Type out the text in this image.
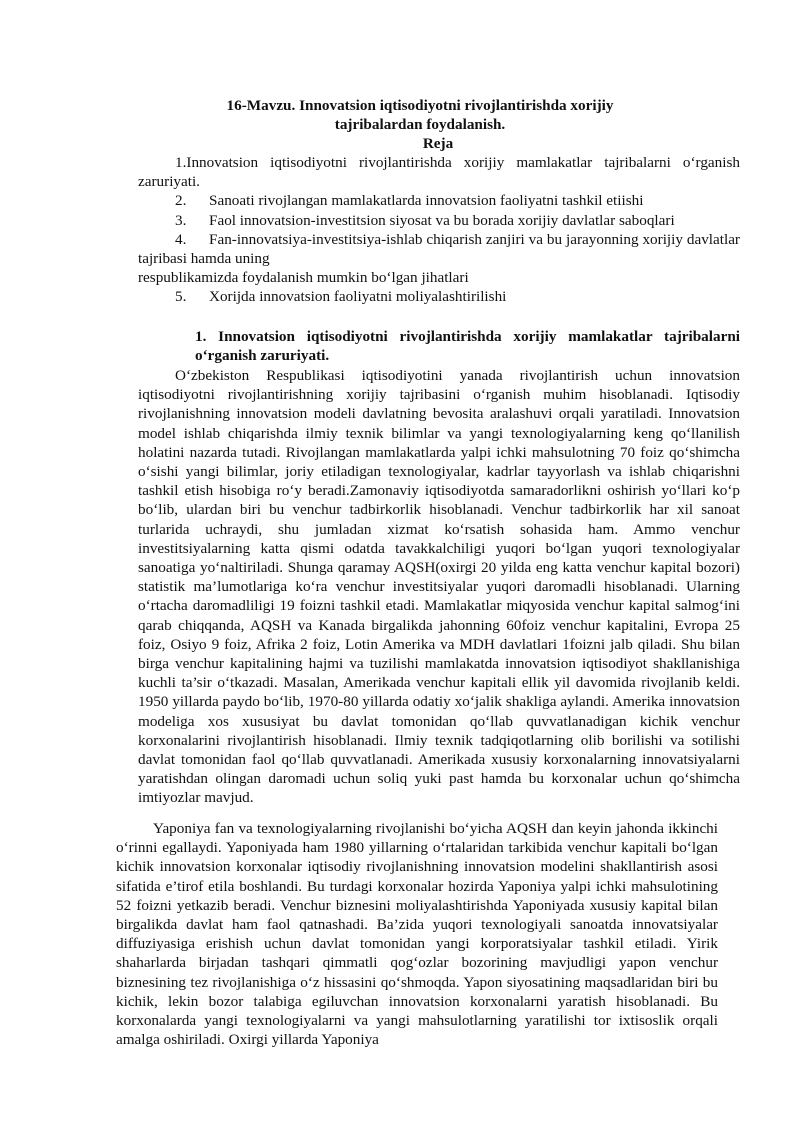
16-Mavzu. Innovatsion iqtisodiyotni rivojlantirishda xorijiy
tajribalardan foydalanish.
Reja

1.Innovatsion iqtisodiyotni rivojlantirishda xorijiy mamlakatlar tajribalarni o‘rganish zaruriyati.

2.	Sanoati rivojlangan mamlakatlarda innovatsion faoliyatni tashkil etiishi
3.	Faol innovatsion-investitsion siyosat va bu borada xorijiy davlatlar saboqlari

4. Fan-innovatsiya-investitsiya-ishlab chiqarish zanjiri va bu jarayonning xorijiy davlatlar tajribasi hamda uning

respublikamizda foydalanish mumkin bo‘lgan jihatlari

5.	Xorijda innovatsion faoliyatni moliyalashtirilishi
1. Innovatsion iqtisodiyotni rivojlantirishda xorijiy mamlakatlar tajribalarni o‘rganish zaruriyati.

O‘zbekiston Respublikasi iqtisodiyotini yanada rivojlantirish uchun innovatsion iqtisodiyotni rivojlantirishning xorijiy tajribasini o‘rganish muhim hisoblanadi. Iqtisodiy rivojlanishning innovatsion modeli davlatning bevosita aralashuvi orqali yaratiladi. Innovatsion model ishlab chiqarishda ilmiy texnik bilimlar va yangi texnologiyalarning keng qo‘llanilish holatini nazarda tutadi. Rivojlangan mamlakatlarda yalpi ichki mahsulotning 70 foiz qo‘shimcha o‘sishi yangi bilimlar, joriy etiladigan texnologiyalar, kadrlar tayyorlash va ishlab chiqarishni tashkil etish hisobiga ro‘y beradi.Zamonaviy iqtisodiyotda samaradorlikni oshirish yo‘llari ko‘p bo‘lib, ulardan biri bu venchur tadbirkorlik hisoblanadi. Venchur tadbirkorlik har xil sanoat turlarida uchraydi, shu jumladan xizmat ko‘rsatish sohasida ham. Ammo venchur investitsiyalarning katta qismi odatda tavakkalchiligi yuqori bo‘lgan yuqori texnologiyalar sanoatiga yo‘naltiriladi. Shunga qaramay AQSH(oxirgi 20 yilda eng katta venchur kapital bozori) statistik ma’lumotlariga ko‘ra venchur investitsiyalar yuqori daromadli hisoblanadi. Ularning o‘rtacha daromadliligi 19 foizni tashkil etadi. Mamlakatlar miqyosida venchur kapital salmog‘ini qarab chiqqanda, AQSH va Kanada birgalikda jahonning 60foiz venchur kapitalini, Evropa 25 foiz, Osiyo 9 foiz, Afrika 2 foiz, Lotin Amerika va MDH davlatlari 1foizni jalb qiladi. Shu bilan birga venchur kapitalining hajmi va tuzilishi mamlakatda innovatsion iqtisodiyot shakllanishiga kuchli ta’sir o‘tkazadi. Masalan, Amerikada venchur kapitali ellik yil davomida rivojlanib keldi. 1950 yillarda paydo bo‘lib, 1970-80 yillarda odatiy xo‘jalik shakliga aylandi. Amerika innovatsion modeliga xos xususiyat bu davlat tomonidan qo‘llab quvvatlanadigan kichik venchur korxonalarini rivojlantirish hisoblanadi. Ilmiy texnik tadqiqotlarning olib borilishi va sotilishi davlat tomonidan faol qo‘llab quvvatlanadi. Amerikada xususiy korxonalarning innovatsiyalarni yaratishdan olingan daromadi uchun soliq yuki past hamda bu korxonalar uchun qo‘shimcha imtiyozlar mavjud.

Yaponiya fan va texnologiyalarning rivojlanishi bo‘yicha AQSH dan keyin jahonda ikkinchi o‘rinni egallaydi. Yaponiyada ham 1980 yillarning o‘rtalaridan tarkibida venchur kapitali bo‘lgan kichik innovatsion korxonalar iqtisodiy rivojlanishning innovatsion modelini shakllantirish asosi sifatida e’tirof etila boshlandi. Bu turdagi korxonalar hozirda Yaponiya yalpi ichki mahsulotining 52 foizni yetkazib beradi. Venchur biznesini moliyalashtirishda Yaponiyada xususiy kapital bilan birgalikda davlat ham faol qatnashadi. Ba’zida yuqori texnologiyali sanoatda innovatsiyalar diffuziyasiga erishish uchun davlat tomonidan yangi korporatsiyalar tashkil etiladi. Yirik shaharlarda birjadan tashqari qimmatli qog‘ozlar bozorining mavjudligi yapon venchur biznesining tez rivojlanishiga o‘z hissasini qo‘shmoqda. Yapon siyosatining maqsadlaridan biri bu kichik, lekin bozor talabiga egiluvchan innovatsion korxonalarni yaratish hisoblanadi. Bu korxonalarda yangi texnologiyalarni va yangi mahsulotlarning yaratilishi tor ixtisoslik orqali amalga oshiriladi. Oxirgi yillarda Yaponiya
